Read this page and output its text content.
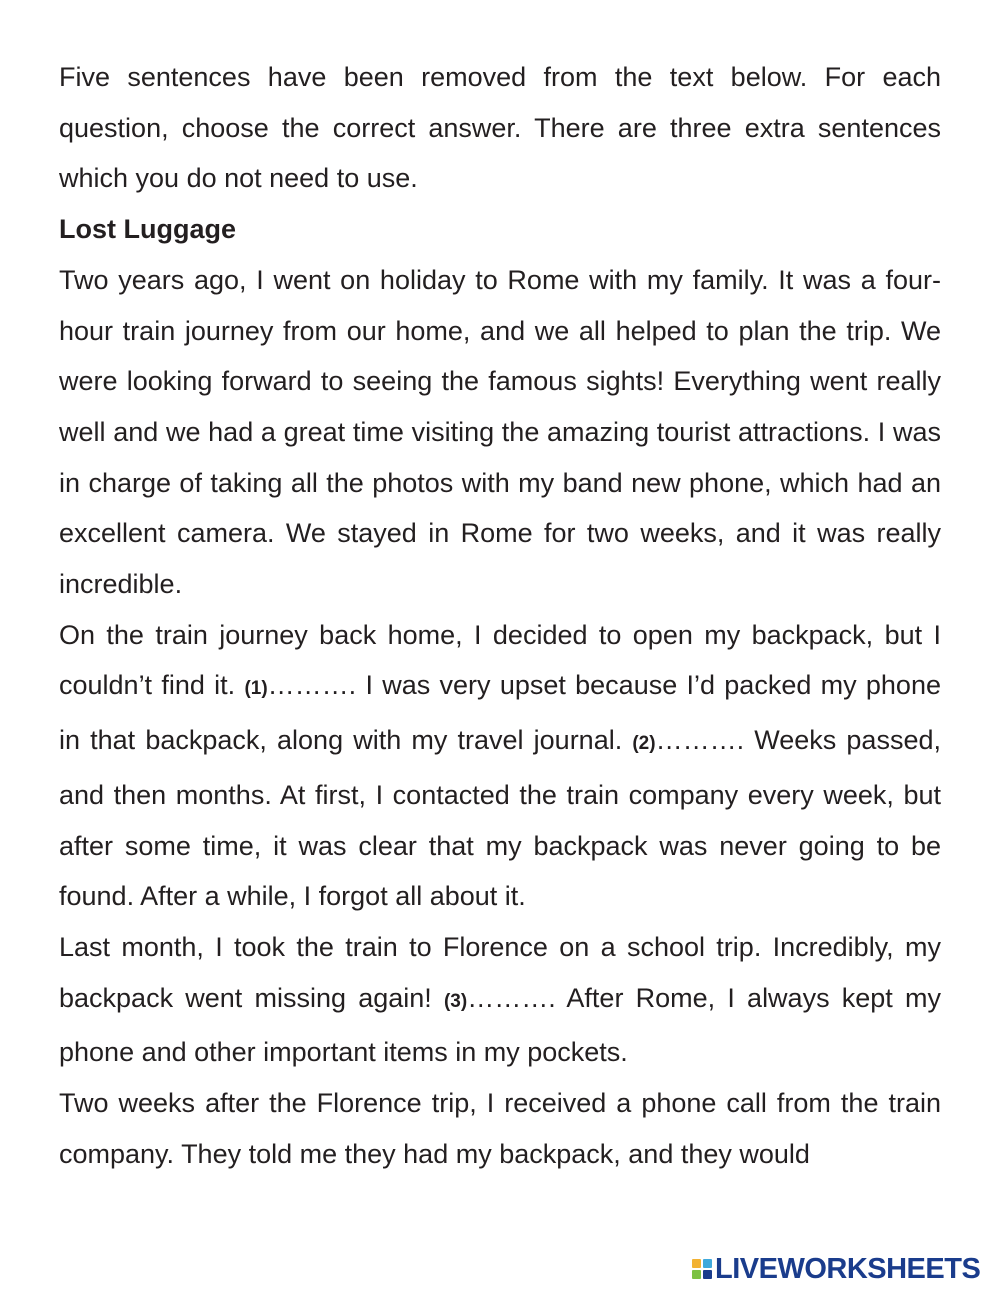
Five sentences have been removed from the text below. For each question, choose the correct answer. There are three extra sentences which you do not need to use.

Lost Luggage

Two years ago, I went on holiday to Rome with my family. It was a four-hour train journey from our home, and we all helped to plan the trip. We were looking forward to seeing the famous sights! Everything went really well and we had a great time visiting the amazing tourist attractions. I was in charge of taking all the photos with my band new phone, which had an excellent camera. We stayed in Rome for two weeks, and it was really incredible.

On the train journey back home, I decided to open my backpack, but I couldn’t find it. (1)………. I was very upset because I’d packed my phone in that backpack, along with my travel journal. (2)………. Weeks passed, and then months. At first, I contacted the train company every week, but after some time, it was clear that my backpack was never going to be found. After a while, I forgot all about it.

Last month, I took the train to Florence on a school trip. Incredibly, my backpack went missing again! (3)………. After Rome, I always kept my phone and other important items in my pockets.

Two weeks after the Florence trip, I received a phone call from the train company. They told me they had my backpack, and they would

LIVEWORKSHEETS
